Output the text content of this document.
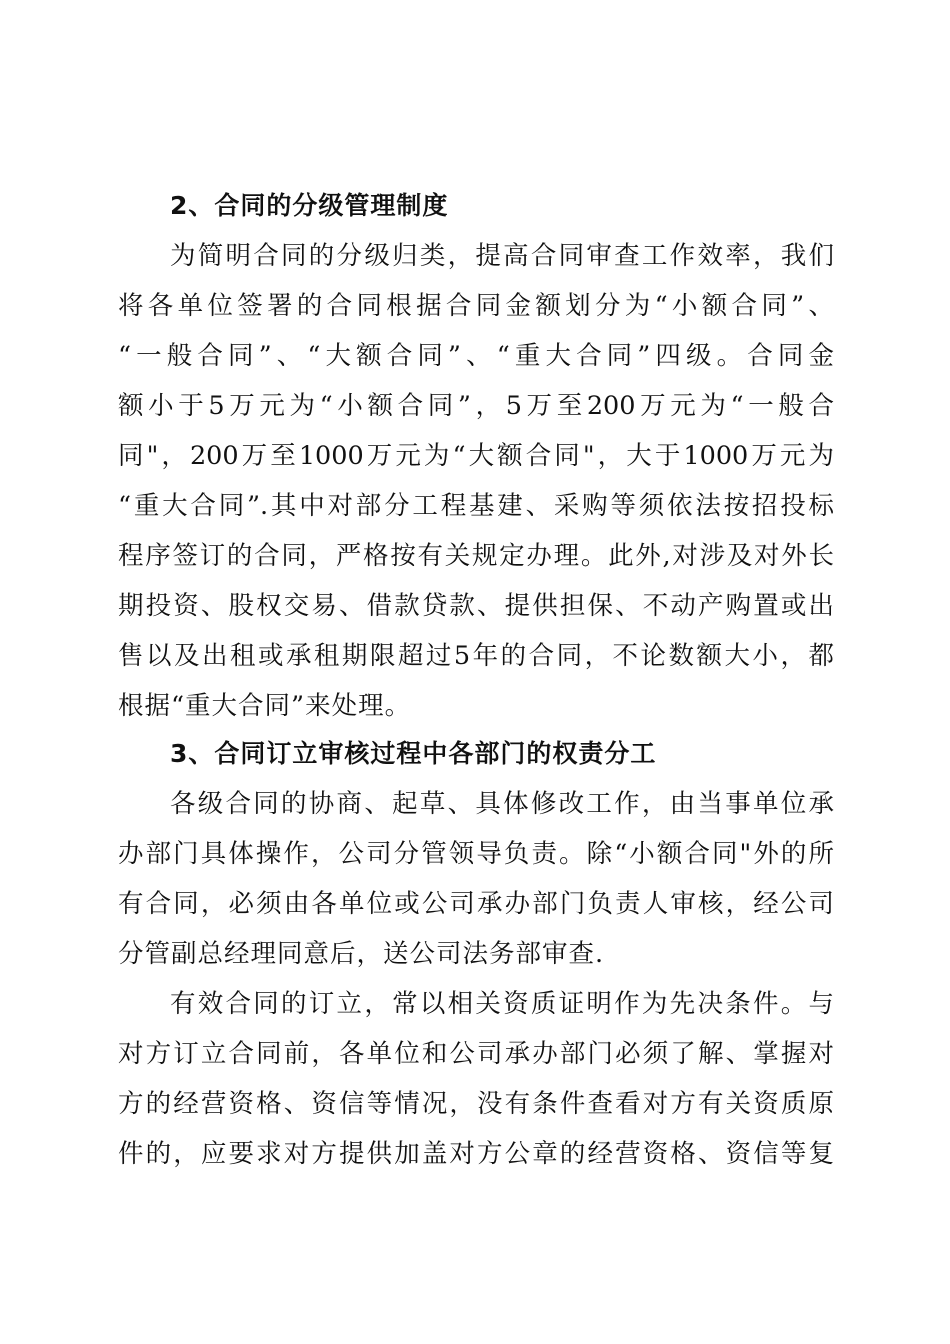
2、合同的分级管理制度
为简明合同的分级归类，提高合同审查工作效率，我们
将各单位签署的合同根据合同金额划分为“小额合同”、
“一般合同”、“大额合同”、“重大合同”四级。合同金
额小于5万元为“小额合同”，5万至200万元为“一般合
同"，200万至1000万元为“大额合同"，大于1000万元为
“重大合同”.其中对部分工程基建、采购等须依法按招投标
程序签订的合同，严格按有关规定办理。此外,对涉及对外长
期投资、股权交易、借款贷款、提供担保、不动产购置或出
售以及出租或承租期限超过5年的合同，不论数额大小，都
根据“重大合同”来处理。
3、合同订立审核过程中各部门的权责分工
各级合同的协商、起草、具体修改工作，由当事单位承
办部门具体操作，公司分管领导负责。除“小额合同"外的所
有合同，必须由各单位或公司承办部门负责人审核，经公司
分管副总经理同意后，送公司法务部审查.
有效合同的订立，常以相关资质证明作为先决条件。与
对方订立合同前，各单位和公司承办部门必须了解、掌握对
方的经营资格、资信等情况，没有条件查看对方有关资质原
件的，应要求对方提供加盖对方公章的经营资格、资信等复
